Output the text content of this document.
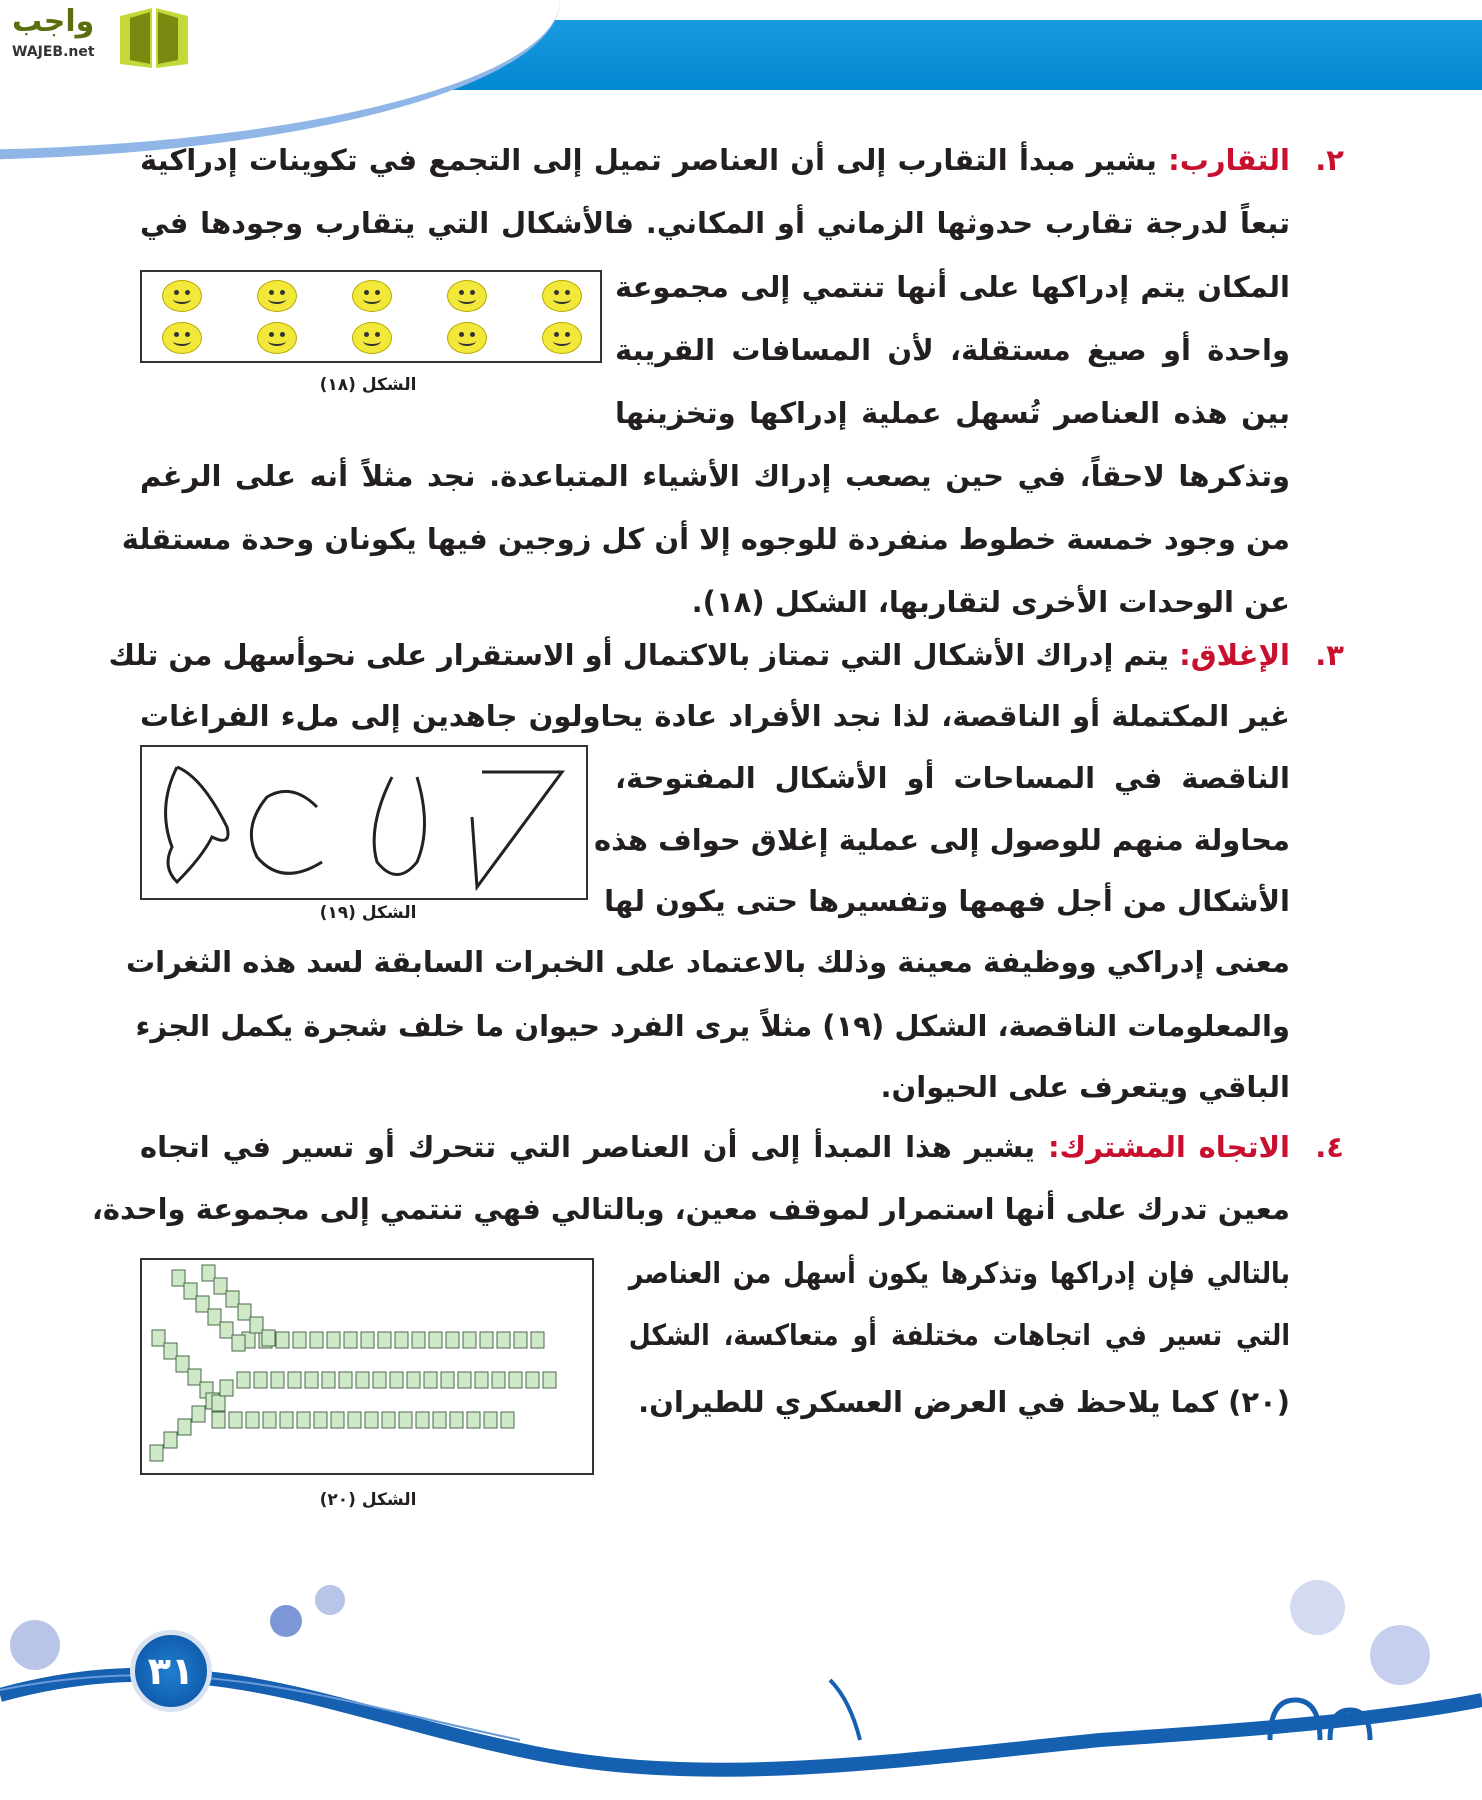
واجب
WAJEB.net
٢.
التقارب: يشير مبدأ التقارب إلى أن العناصر تميل إلى التجمع في تكوينات إدراكية
تبعاً لدرجة تقارب حدوثها الزماني أو المكاني. فالأشكال التي يتقارب وجودها في
المكان يتم إدراكها على أنها تنتمي إلى مجموعة
واحدة أو صيغ مستقلة، لأن المسافات القريبة
بين هذه العناصر تُسهل عملية إدراكها وتخزينها
وتذكرها لاحقاً، في حين يصعب إدراك الأشياء المتباعدة. نجد مثلاً أنه على الرغم
من وجود خمسة خطوط منفردة للوجوه إلا أن كل زوجين فيها يكونان وحدة مستقلة
عن الوحدات الأخرى لتقاربها، الشكل (١٨).
الشكل (١٨)
٣.
الإغلاق: يتم إدراك الأشكال التي تمتاز بالاكتمال أو الاستقرار على نحوأسهل من تلك
غير المكتملة أو الناقصة، لذا نجد الأفراد عادة يحاولون جاهدين إلى ملء الفراغات
الناقصة في المساحات أو الأشكال المفتوحة،
محاولة منهم للوصول إلى عملية إغلاق حواف هذه
الأشكال من أجل فهمها وتفسيرها حتى يكون لها
معنى إدراكي ووظيفة معينة وذلك بالاعتماد على الخبرات السابقة لسد هذه الثغرات
والمعلومات الناقصة، الشكل (١٩) مثلاً يرى الفرد حيوان ما خلف شجرة يكمل الجزء
الباقي ويتعرف على الحيوان.
الشكل (١٩)
٤.
الاتجاه المشترك: يشير هذا المبدأ إلى أن العناصر التي تتحرك أو تسير في اتجاه
معين تدرك على أنها استمرار لموقف معين، وبالتالي فهي تنتمي إلى مجموعة واحدة،
بالتالي فإن إدراكها وتذكرها يكون أسهل من العناصر
التي تسير في اتجاهات مختلفة أو متعاكسة، الشكل
(٢٠) كما يلاحظ في العرض العسكري للطيران.
الشكل (٢٠)
٣١
